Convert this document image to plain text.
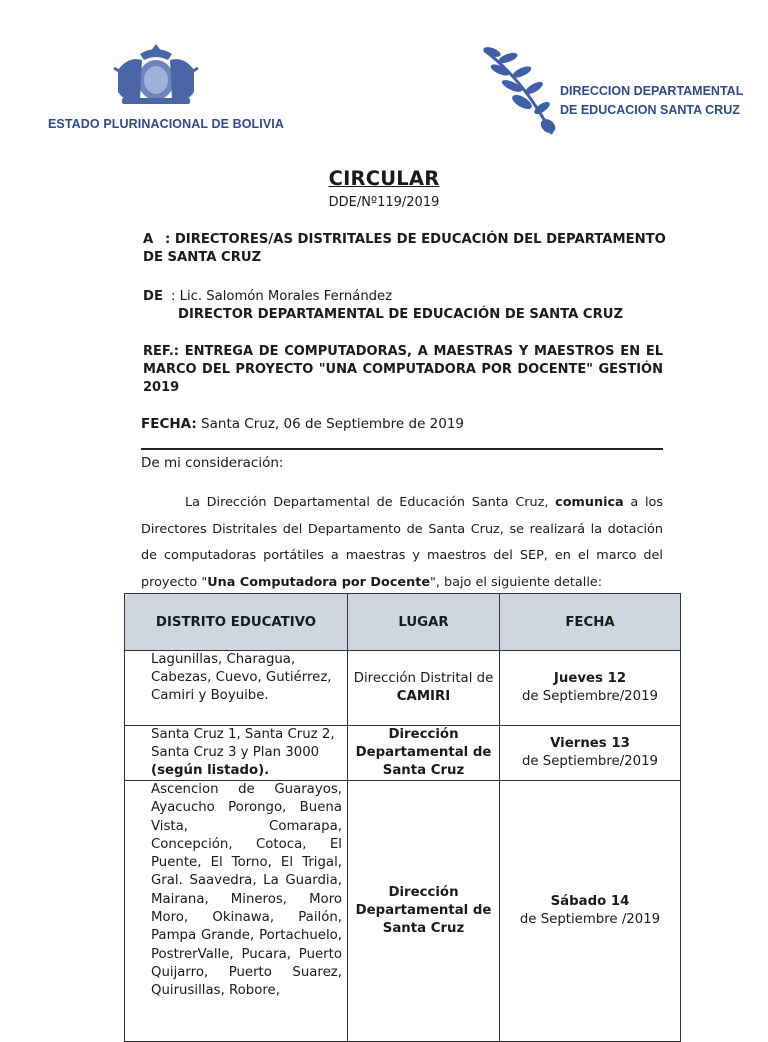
ESTADO PLURINACIONAL DE BOLIVIA
DIRECCION DEPARTAMENTAL
DE EDUCACION SANTA CRUZ
CIRCULAR
DDE/Nº119/2019
A : DIRECTORES/AS DISTRITALES DE EDUCACIÓN DEL DEPARTAMENTO DE SANTA CRUZ
DE : Lic. Salomón Morales Fernández
DIRECTOR DEPARTAMENTAL DE EDUCACIÓN DE SANTA CRUZ
REF.: ENTREGA DE COMPUTADORAS, A MAESTRAS Y MAESTROS EN EL MARCO DEL PROYECTO "UNA COMPUTADORA POR DOCENTE" GESTIÓN 2019
FECHA: Santa Cruz, 06 de Septiembre de 2019
De mi consideración:
La Dirección Departamental de Educación Santa Cruz, comunica a los Directores Distritales del Departamento de Santa Cruz, se realizará la dotación de computadoras portátiles a maestras y maestros del SEP, en el marco del proyecto "Una Computadora por Docente", bajo el siguiente detalle:
DISTRITO EDUCATIVO	LUGAR	FECHA
Lagunillas, Charagua, Cabezas, Cuevo, Gutiérrez, Camiri y Boyuibe.	Dirección Distrital de CAMIRI	Jueves 12
de Septiembre/2019

Santa Cruz 1, Santa Cruz 2, Santa Cruz 3 y Plan 3000 (según listado).	Dirección Departamental de Santa Cruz	Viernes 13
de Septiembre/2019

Ascencion de Guarayos, Ayacucho Porongo, Buena Vista, Comarapa, Concepción, Cotoca, El Puente, El Torno, El Trigal, Gral. Saavedra, La Guardia, Mairana, Mineros, Moro Moro, Okinawa, Pailón, Pampa Grande, Portachuelo, PostrerValle, Pucara, Puerto Quijarro, Puerto Suarez, Quirusillas, Robore,	Dirección Departamental de Santa Cruz	Sábado 14
de Septiembre /2019
